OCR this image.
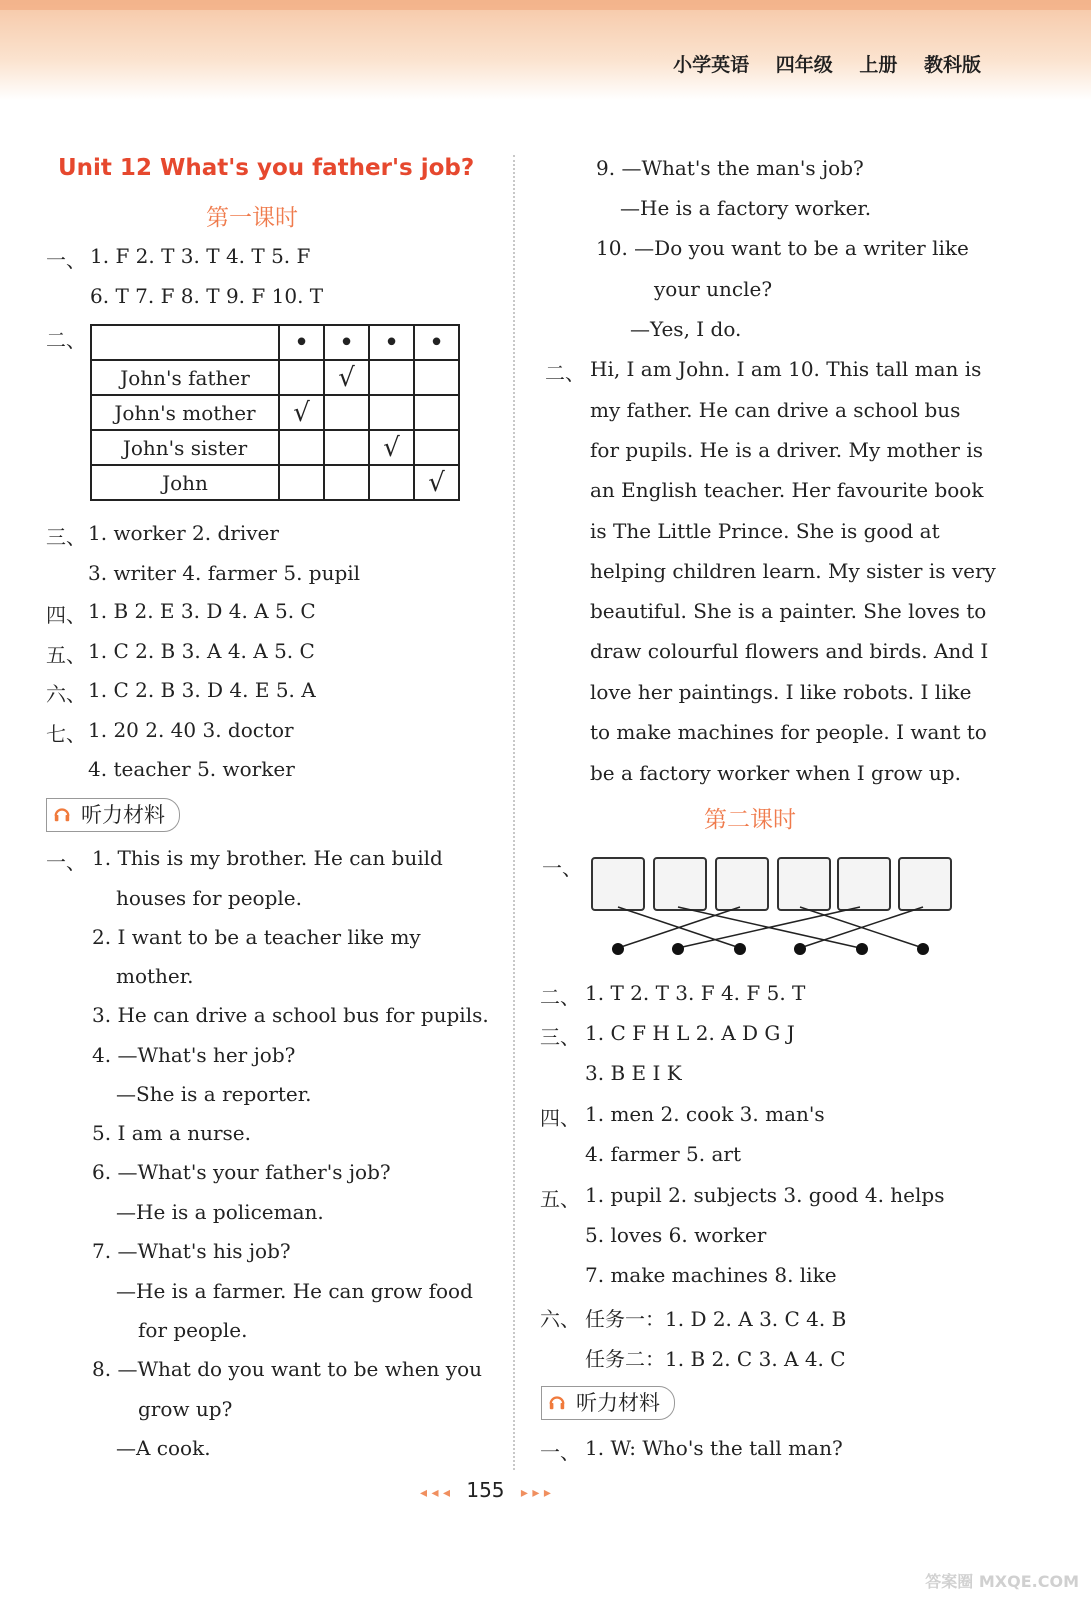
小学英语 四年级 上册 教科版
Unit 12 What's you father's job?
第一课时
一、 1. F 2. T 3. T 4. T 5. F
6. T 7. F 8. T 9. F 10. T
二、
		•	•	•	•
John's father		√		
John's mother	√			
John's sister			√	
John				√
三、 1. worker 2. driver
3. writer 4. farmer 5. pupil
四、 1. B 2. E 3. D 4. A 5. C
五、 1. C 2. B 3. A 4. A 5. C
六、 1. C 2. B 3. D 4. E 5. A
七、 1. 20 2. 40 3. doctor
4. teacher 5. worker
听力材料
一、 1. This is my brother. He can build
houses for people.
2. I want to be a teacher like my
mother.
3. He can drive a school bus for pupils.
4. —What's her job?
—She is a reporter.
5. I am a nurse.
6. —What's your father's job?
—He is a policeman.
7. —What's his job?
—He is a farmer. He can grow food
for people.
8. —What do you want to be when you
grow up?
—A cook.
9. —What's the man's job?
—He is a factory worker.
10. —Do you want to be a writer like
your uncle?
—Yes, I do.
二、 Hi, I am John. I am 10. This tall man is
my father. He can drive a school bus
for pupils. He is a driver. My mother is
an English teacher. Her favourite book
is The Little Prince. She is good at
helping children learn. My sister is very
beautiful. She is a painter. She loves to
draw colourful flowers and birds. And I
love her paintings. I like robots. I like
to make machines for people. I want to
be a factory worker when I grow up.
第二课时
一、
二、 1. T 2. T 3. F 4. F 5. T
三、 1. C F H L 2. A D G J
3. B E I K
四、 1. men 2. cook 3. man's
4. farmer 5. art
五、 1. pupil 2. subjects 3. good 4. helps
5. loves 6. worker
7. make machines 8. like
六、 任务一：1. D 2. A 3. C 4. B
任务二：1. B 2. C 3. A 4. C
听力材料
一、 1. W: Who's the tall man?
◂ ◂ ◂ 155 ▸ ▸ ▸
答案圈 MXQE.COM
